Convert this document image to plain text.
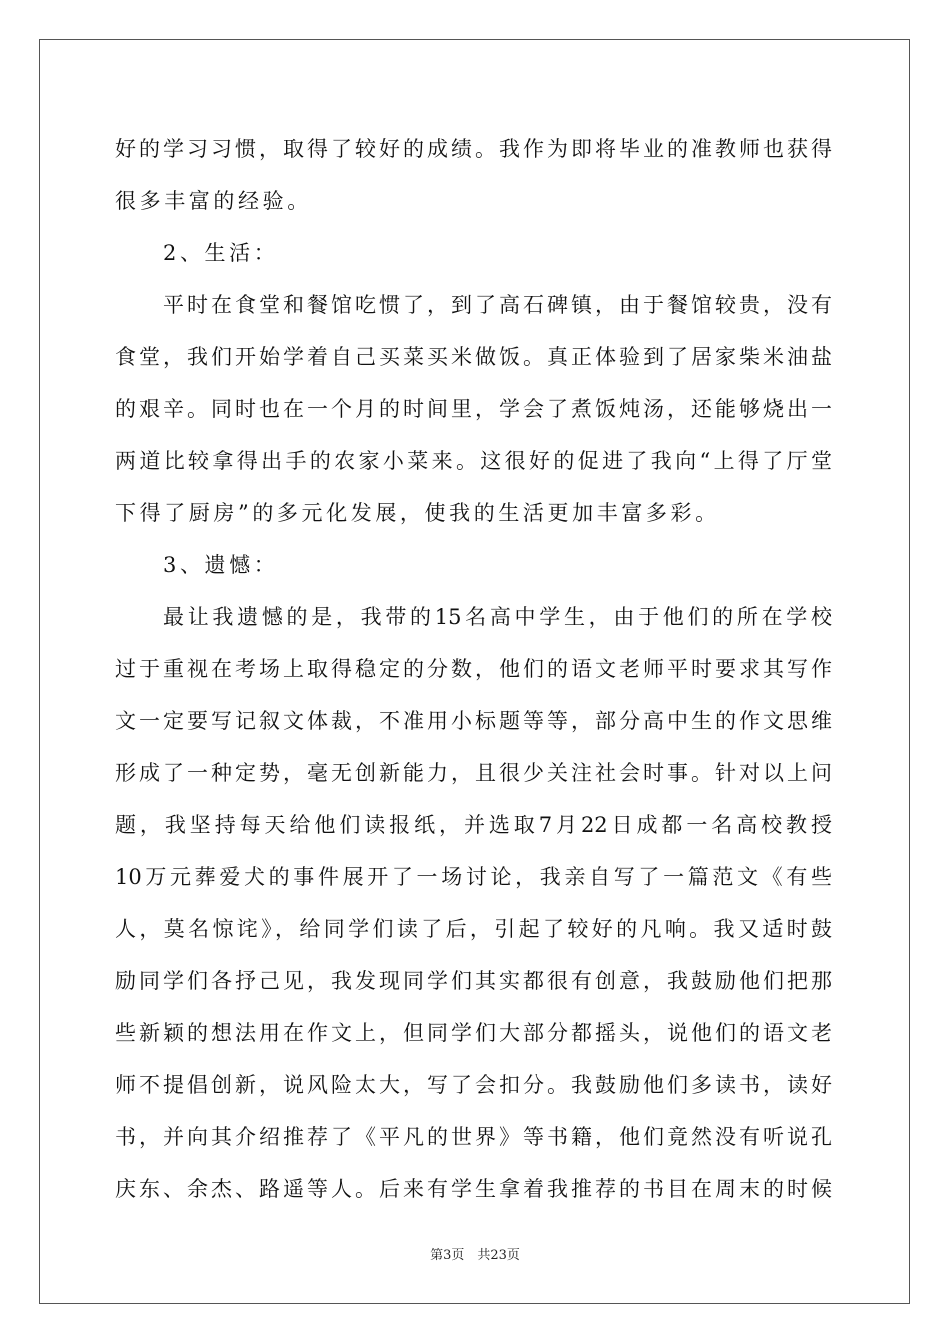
好的学习习惯，取得了较好的成绩。我作为即将毕业的准教师也获得
很多丰富的经验。
2、生活：
平时在食堂和餐馆吃惯了，到了高石碑镇，由于餐馆较贵，没有
食堂，我们开始学着自己买菜买米做饭。真正体验到了居家柴米油盐
的艰辛。同时也在一个月的时间里，学会了煮饭炖汤，还能够烧出一
两道比较拿得出手的农家小菜来。这很好的促进了我向“上得了厅堂
下得了厨房”的多元化发展，使我的生活更加丰富多彩。
3、遗憾：
最让我遗憾的是，我带的15名高中学生，由于他们的所在学校
过于重视在考场上取得稳定的分数，他们的语文老师平时要求其写作
文一定要写记叙文体裁，不准用小标题等等，部分高中生的作文思维
形成了一种定势，毫无创新能力，且很少关注社会时事。针对以上问
题，我坚持每天给他们读报纸，并选取7月22日成都一名高校教授
10万元葬爱犬的事件展开了一场讨论，我亲自写了一篇范文《有些
人，莫名惊诧》，给同学们读了后，引起了较好的凡响。我又适时鼓
励同学们各抒己见，我发现同学们其实都很有创意，我鼓励他们把那
些新颖的想法用在作文上，但同学们大部分都摇头，说他们的语文老
师不提倡创新，说风险太大，写了会扣分。我鼓励他们多读书，读好
书，并向其介绍推荐了《平凡的世界》等书籍，他们竟然没有听说孔
庆东、余杰、路遥等人。后来有学生拿着我推荐的书目在周末的时候
第3页　共23页
